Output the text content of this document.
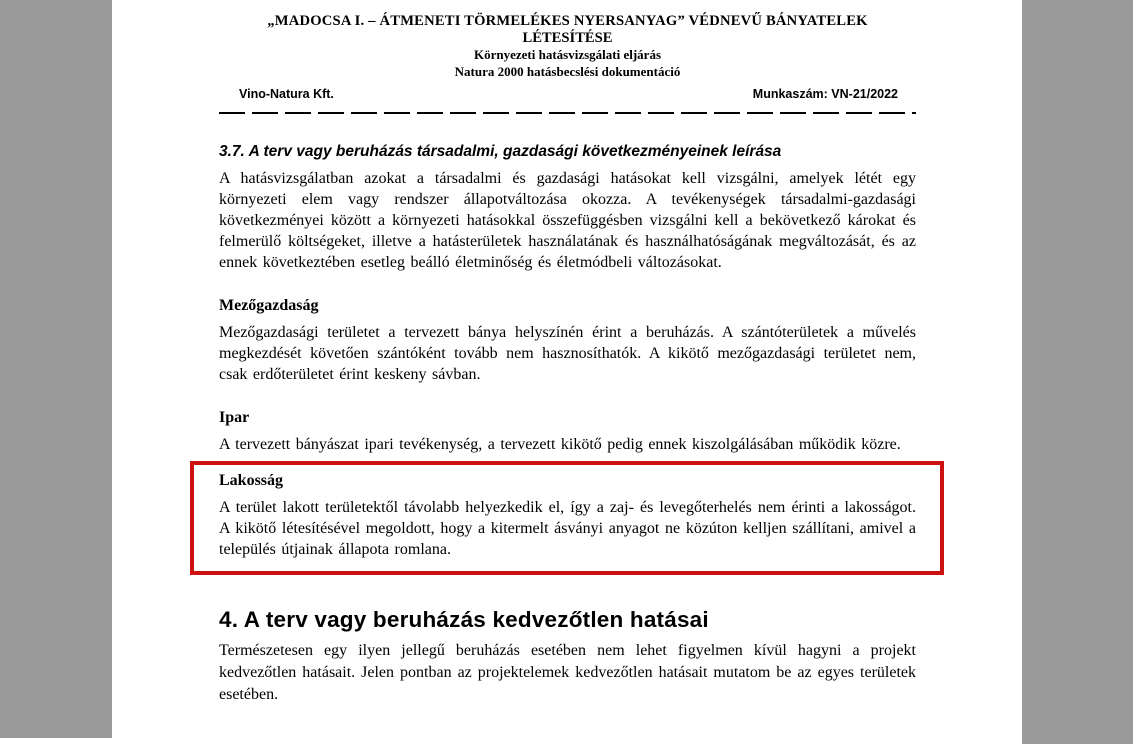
„MADOCSA I. – ÁTMENETI TÖRMELÉKES NYERSANYAG” VÉDNEVŰ BÁNYATELEK
LÉTESÍTÉSE
Környezeti hatásvizsgálati eljárás
Natura 2000 hatásbecslési dokumentáció
Vino-Natura Kft.	Munkaszám: VN-21/2022
3.7. A terv vagy beruházás társadalmi, gazdasági következményeinek leírása
A hatásvizsgálatban azokat a társadalmi és gazdasági hatásokat kell vizsgálni, amelyek létét egy környezeti elem vagy rendszer állapotváltozása okozza. A tevékenységek társadalmi-gazdasági következményei között a környezeti hatásokkal összefüggésben vizsgálni kell a bekövetkező károkat és felmerülő költségeket, illetve a hatásterületek használatának és használhatóságának megváltozását, és az ennek következtében esetleg beálló életminőség és életmódbeli változásokat.
Mezőgazdaság
Mezőgazdasági területet a tervezett bánya helyszínén érint a beruházás. A szántóterületek a művelés megkezdését követően szántóként tovább nem hasznosíthatók. A kikötő mezőgazdasági területet nem, csak erdőterületet érint keskeny sávban.
Ipar
A tervezett bányászat ipari tevékenység, a tervezett kikötő pedig ennek kiszolgálásában működik közre.
Lakosság
A terület lakott területektől távolabb helyezkedik el, így a zaj- és levegőterhelés nem érinti a lakosságot. A kikötő létesítésével megoldott, hogy a kitermelt ásványi anyagot ne közúton kelljen szállítani, amivel a település útjainak állapota romlana.
4. A terv vagy beruházás kedvezőtlen hatásai
Természetesen egy ilyen jellegű beruházás esetében nem lehet figyelmen kívül hagyni a projekt kedvezőtlen hatásait. Jelen pontban az projektelemek kedvezőtlen hatásait mutatom be az egyes területek esetében.
